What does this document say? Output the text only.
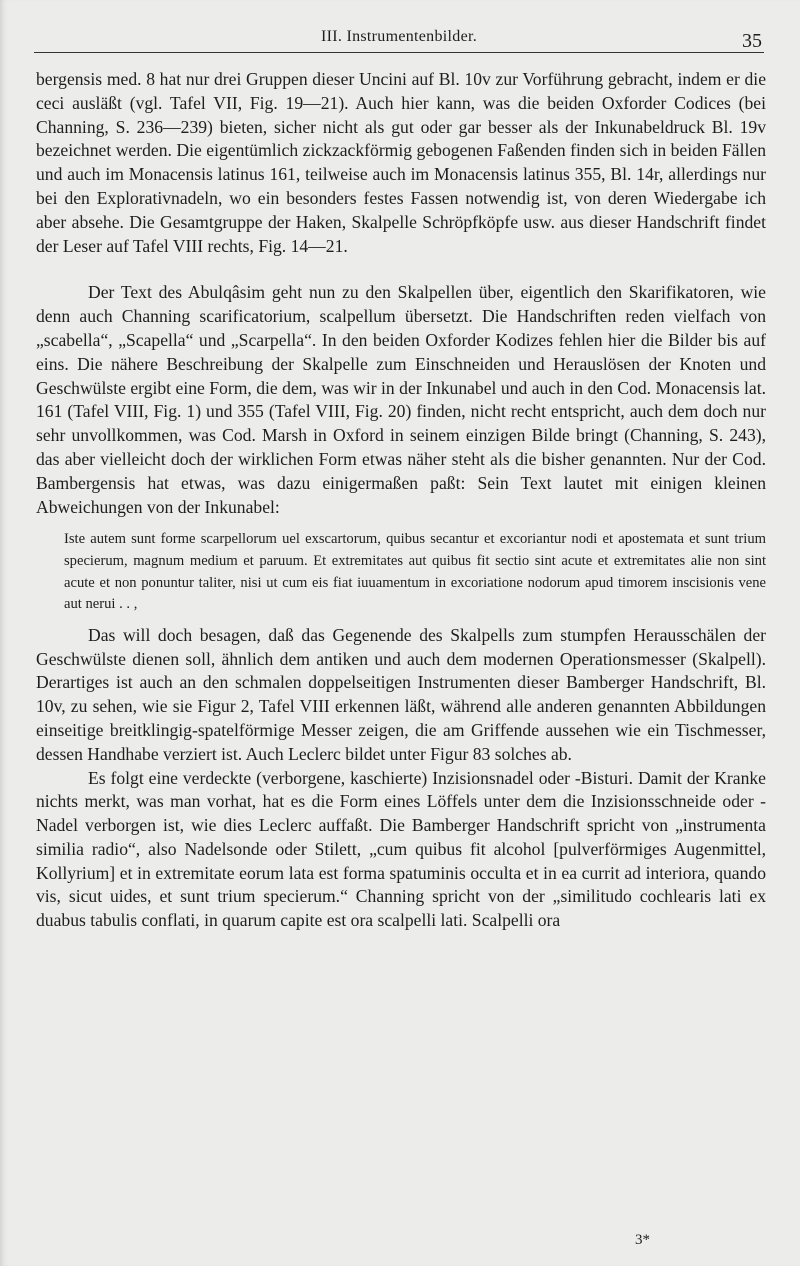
III. Instrumentenbilder.	35

bergensis med. 8 hat nur drei Gruppen dieser Uncini auf Bl. 10v zur Vorführung gebracht, indem er die ceci ausläßt (vgl. Tafel VII, Fig. 19—21). Auch hier kann, was die beiden Oxforder Codices (bei Channing, S. 236—239) bieten, sicher nicht als gut oder gar besser als der Inkunabeldruck Bl. 19v bezeichnet werden. Die eigentümlich zickzackförmig gebogenen Faßenden finden sich in beiden Fällen und auch im Monacensis latinus 161, teilweise auch im Monacensis latinus 355, Bl. 14r, allerdings nur bei den Explorativnadeln, wo ein besonders festes Fassen notwendig ist, von deren Wiedergabe ich aber absehe. Die Gesamtgruppe der Haken, Skalpelle Schröpfköpfe usw. aus dieser Handschrift findet der Leser auf Tafel VIII rechts, Fig. 14—21.

Der Text des Abulqâsim geht nun zu den Skalpellen über, eigentlich den Skarifikatoren, wie denn auch Channing scarificatorium, scalpellum übersetzt. Die Handschriften reden vielfach von „scabella“, „Scapella“ und „Scarpella“. In den beiden Oxforder Kodizes fehlen hier die Bilder bis auf eins. Die nähere Beschreibung der Skalpelle zum Einschneiden und Herauslösen der Knoten und Geschwülste ergibt eine Form, die dem, was wir in der Inkunabel und auch in den Cod. Monacensis lat. 161 (Tafel VIII, Fig. 1) und 355 (Tafel VIII, Fig. 20) finden, nicht recht entspricht, auch dem doch nur sehr unvollkommen, was Cod. Marsh in Oxford in seinem einzigen Bilde bringt (Channing, S. 243), das aber vielleicht doch der wirklichen Form etwas näher steht als die bisher genannten. Nur der Cod. Bambergensis hat etwas, was dazu einigermaßen paßt: Sein Text lautet mit einigen kleinen Abweichungen von der Inkunabel:

Iste autem sunt forme scarpellorum uel exscartorum, quibus secantur et excoriantur nodi et apostemata et sunt trium specierum, magnum medium et paruum. Et extremitates aut quibus fit sectio sint acute et extremitates alie non sint acute et non ponuntur taliter, nisi ut cum eis fiat iuuamentum in excoriatione nodorum apud timorem inscisionis vene aut nerui . . ,

Das will doch besagen, daß das Gegenende des Skalpells zum stumpfen Herausschälen der Geschwülste dienen soll, ähnlich dem antiken und auch dem modernen Operationsmesser (Skalpell). Derartiges ist auch an den schmalen doppelseitigen Instrumenten dieser Bamberger Handschrift, Bl. 10v, zu sehen, wie sie Figur 2, Tafel VIII erkennen läßt, während alle anderen genannten Abbildungen einseitige breitklingig-spatelförmige Messer zeigen, die am Griffende aussehen wie ein Tischmesser, dessen Handhabe verziert ist. Auch Leclerc bildet unter Figur 83 solches ab.

Es folgt eine verdeckte (verborgene, kaschierte) Inzisionsnadel oder -Bisturi. Damit der Kranke nichts merkt, was man vorhat, hat es die Form eines Löffels unter dem die Inzisionsschneide oder -Nadel verborgen ist, wie dies Leclerc auffaßt. Die Bamberger Handschrift spricht von „instrumenta similia radio“, also Nadelsonde oder Stilett, „cum quibus fit alcohol [pulverförmiges Augenmittel, Kollyrium] et in extremitate eorum lata est forma spatuminis occulta et in ea currit ad interiora, quando vis, sicut uides, et sunt trium specierum.“ Channing spricht von der „similitudo cochlearis lati ex duabus tabulis conflati, in quarum capite est ora scalpelli lati. Scalpelli ora

3*
